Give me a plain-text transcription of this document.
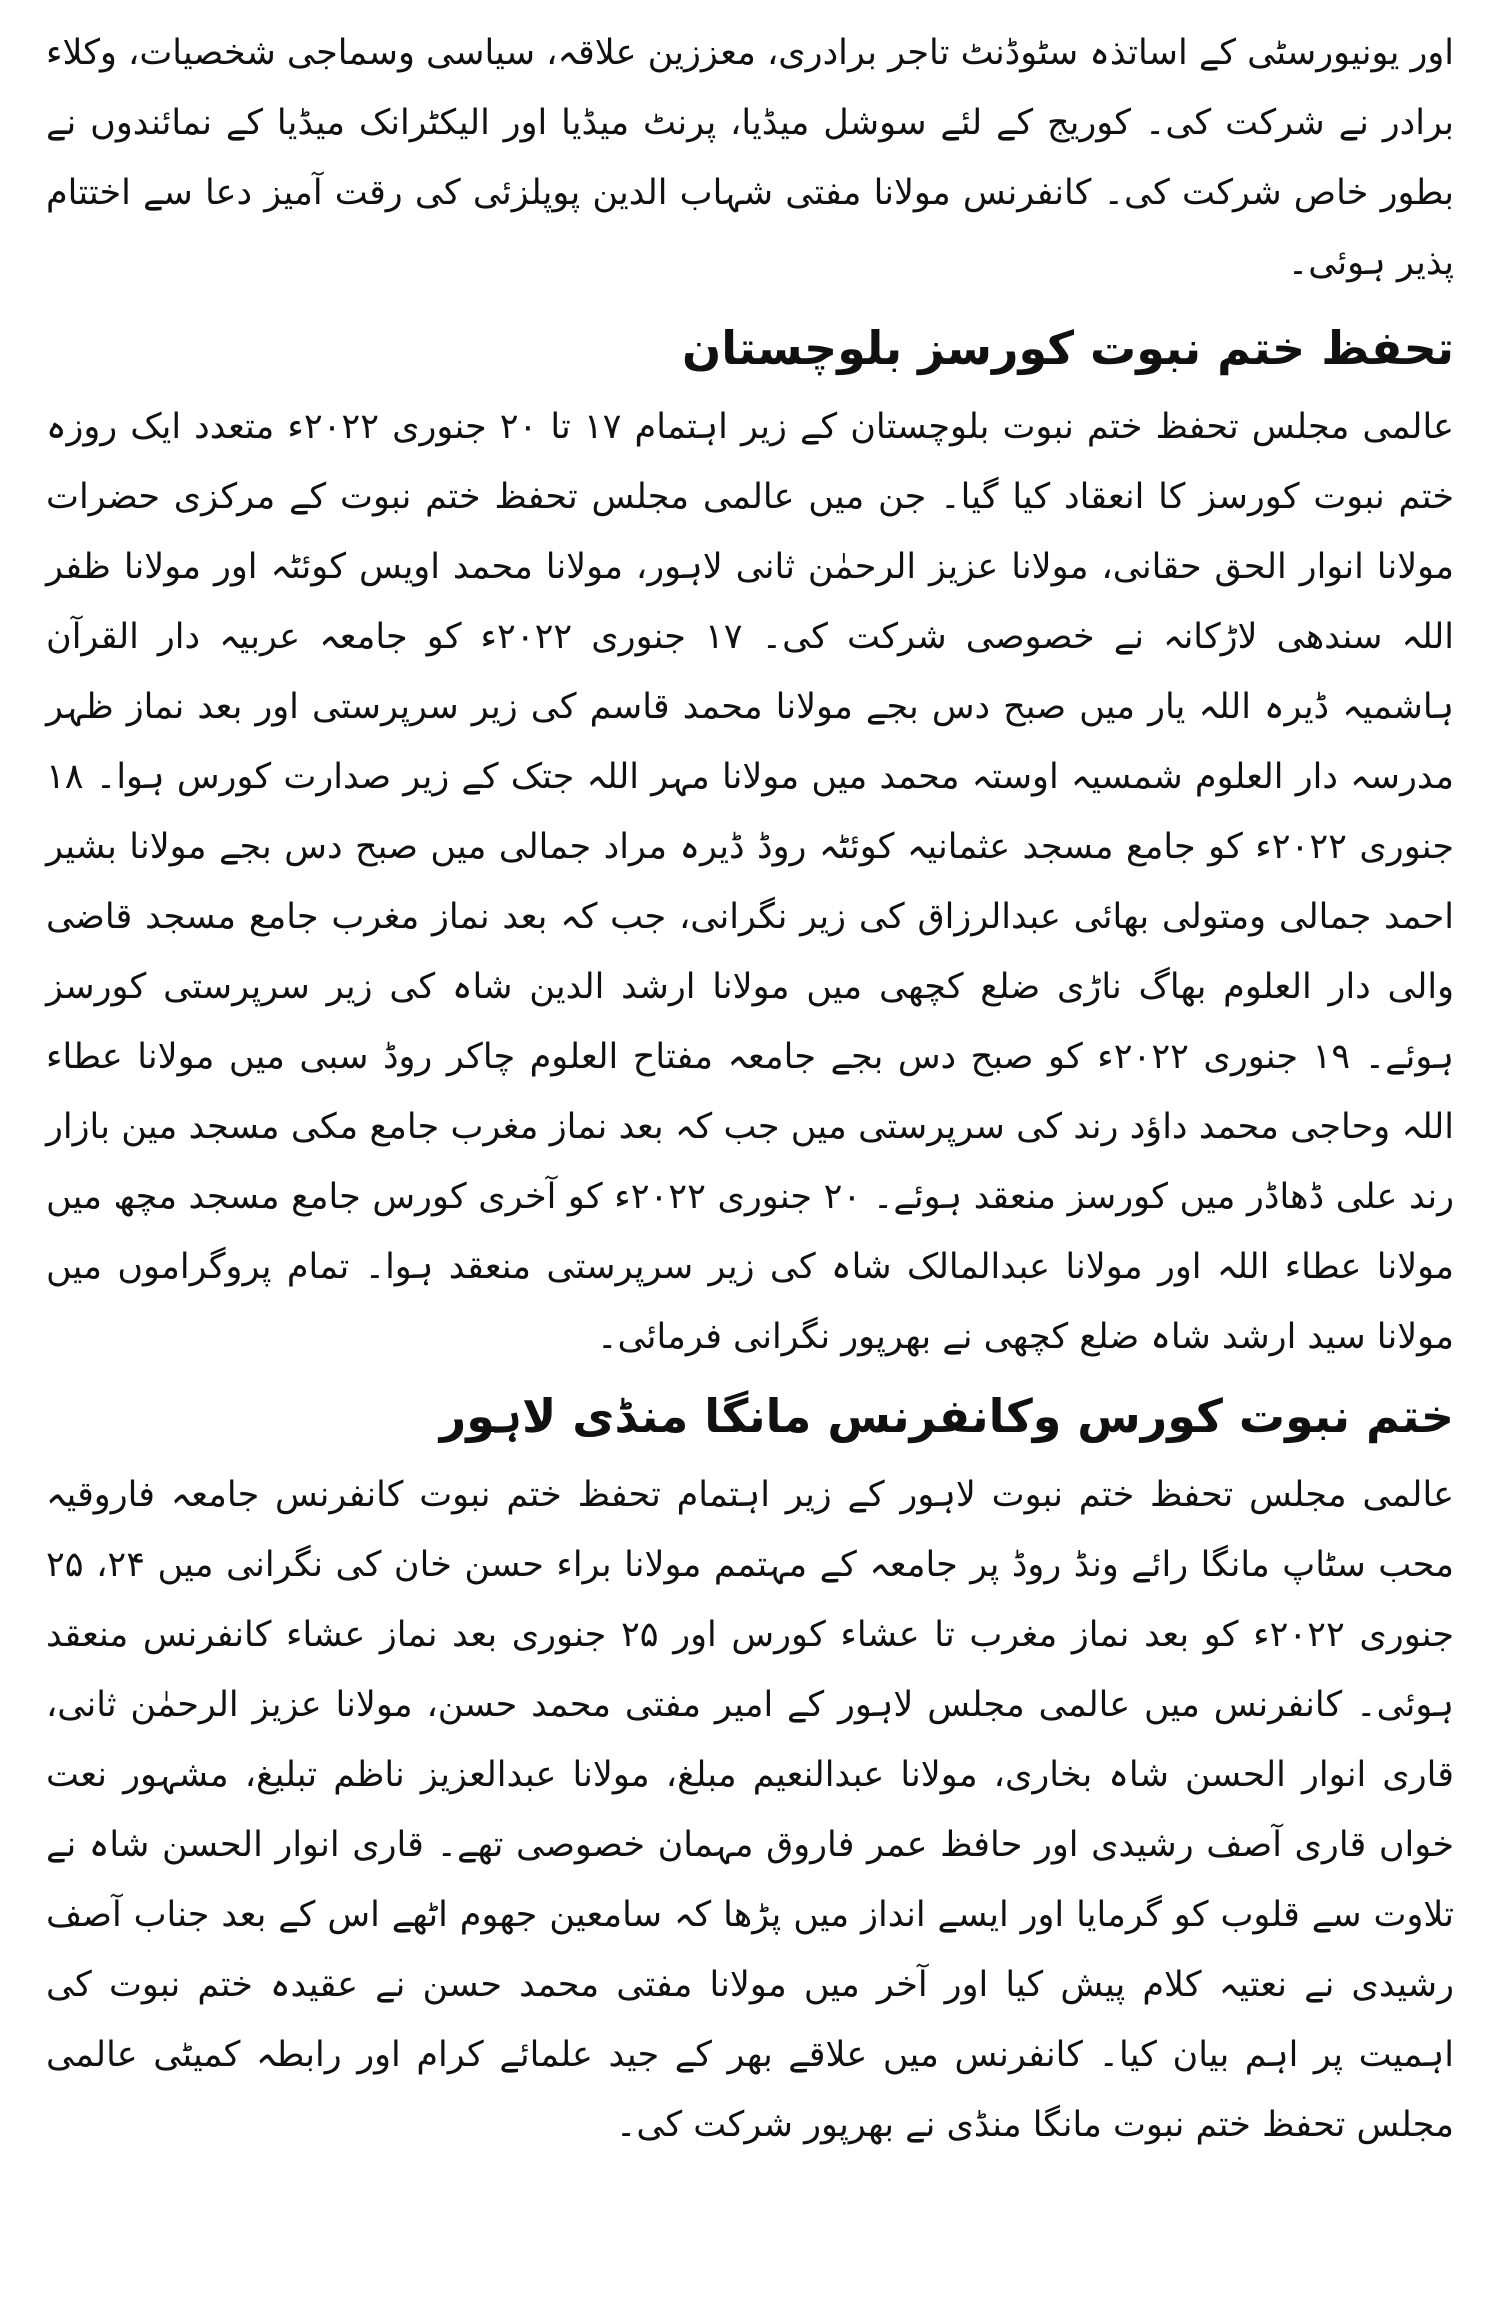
اور یونیورسٹی کے اساتذہ سٹوڈنٹ تاجر برادری، معززین علاقہ، سیاسی وسماجی شخصیات، وکلاء برادر نے شرکت کی۔ کوریج کے لئے سوشل میڈیا، پرنٹ میڈیا اور الیکٹرانک میڈیا کے نمائندوں نے بطور خاص شرکت کی۔ کانفرنس مولانا مفتی شہاب الدین پوپلزئی کی رقت آمیز دعا سے اختتام پذیر ہوئی۔

تحفظ ختم نبوت کورسز بلوچستان

عالمی مجلس تحفظ ختم نبوت بلوچستان کے زیر اہتمام ۱۷ تا ۲۰ جنوری ۲۰۲۲ء متعدد ایک روزہ ختم نبوت کورسز کا انعقاد کیا گیا۔ جن میں عالمی مجلس تحفظ ختم نبوت کے مرکزی حضرات مولانا انوار الحق حقانی، مولانا عزیز الرحمٰن ثانی لاہور، مولانا محمد اویس کوئٹہ اور مولانا ظفر اللہ سندھی لاڑکانہ نے خصوصی شرکت کی۔ ۱۷ جنوری ۲۰۲۲ء کو جامعہ عربیہ دار القرآن ہاشمیہ ڈیرہ اللہ یار میں صبح دس بجے مولانا محمد قاسم کی زیر سرپرستی اور بعد نماز ظہر مدرسہ دار العلوم شمسیہ اوستہ محمد میں مولانا مہر اللہ جتک کے زیر صدارت کورس ہوا۔ ۱۸ جنوری ۲۰۲۲ء کو جامع مسجد عثمانیہ کوئٹہ روڈ ڈیرہ مراد جمالی میں صبح دس بجے مولانا بشیر احمد جمالی ومتولی بھائی عبدالرزاق کی زیر نگرانی، جب کہ بعد نماز مغرب جامع مسجد قاضی والی دار العلوم بھاگ ناڑی ضلع کچھی میں مولانا ارشد الدین شاہ کی زیر سرپرستی کورسز ہوئے۔ ۱۹ جنوری ۲۰۲۲ء کو صبح دس بجے جامعہ مفتاح العلوم چاکر روڈ سبی میں مولانا عطاء اللہ وحاجی محمد داؤد رند کی سرپرستی میں جب کہ بعد نماز مغرب جامع مکی مسجد مین بازار رند علی ڈھاڈر میں کورسز منعقد ہوئے۔ ۲۰ جنوری ۲۰۲۲ء کو آخری کورس جامع مسجد مچھ میں مولانا عطاء اللہ اور مولانا عبدالمالک شاہ کی زیر سرپرستی منعقد ہوا۔ تمام پروگراموں میں مولانا سید ارشد شاہ ضلع کچھی نے بھرپور نگرانی فرمائی۔

ختم نبوت کورس وکانفرنس مانگا منڈی لاہور

عالمی مجلس تحفظ ختم نبوت لاہور کے زیر اہتمام تحفظ ختم نبوت کانفرنس جامعہ فاروقیہ محب سٹاپ مانگا رائے ونڈ روڈ پر جامعہ کے مہتمم مولانا براء حسن خان کی نگرانی میں ۲۴، ۲۵ جنوری ۲۰۲۲ء کو بعد نماز مغرب تا عشاء کورس اور ۲۵ جنوری بعد نماز عشاء کانفرنس منعقد ہوئی۔ کانفرنس میں عالمی مجلس لاہور کے امیر مفتی محمد حسن، مولانا عزیز الرحمٰن ثانی، قاری انوار الحسن شاہ بخاری، مولانا عبدالنعیم مبلغ، مولانا عبدالعزیز ناظم تبلیغ، مشہور نعت خواں قاری آصف رشیدی اور حافظ عمر فاروق مہمان خصوصی تھے۔ قاری انوار الحسن شاہ نے تلاوت سے قلوب کو گرمایا اور ایسے انداز میں پڑھا کہ سامعین جھوم اٹھے اس کے بعد جناب آصف رشیدی نے نعتیہ کلام پیش کیا اور آخر میں مولانا مفتی محمد حسن نے عقیدہ ختم نبوت کی اہمیت پر اہم بیان کیا۔ کانفرنس میں علاقے بھر کے جید علمائے کرام اور رابطہ کمیٹی عالمی مجلس تحفظ ختم نبوت مانگا منڈی نے بھرپور شرکت کی۔
